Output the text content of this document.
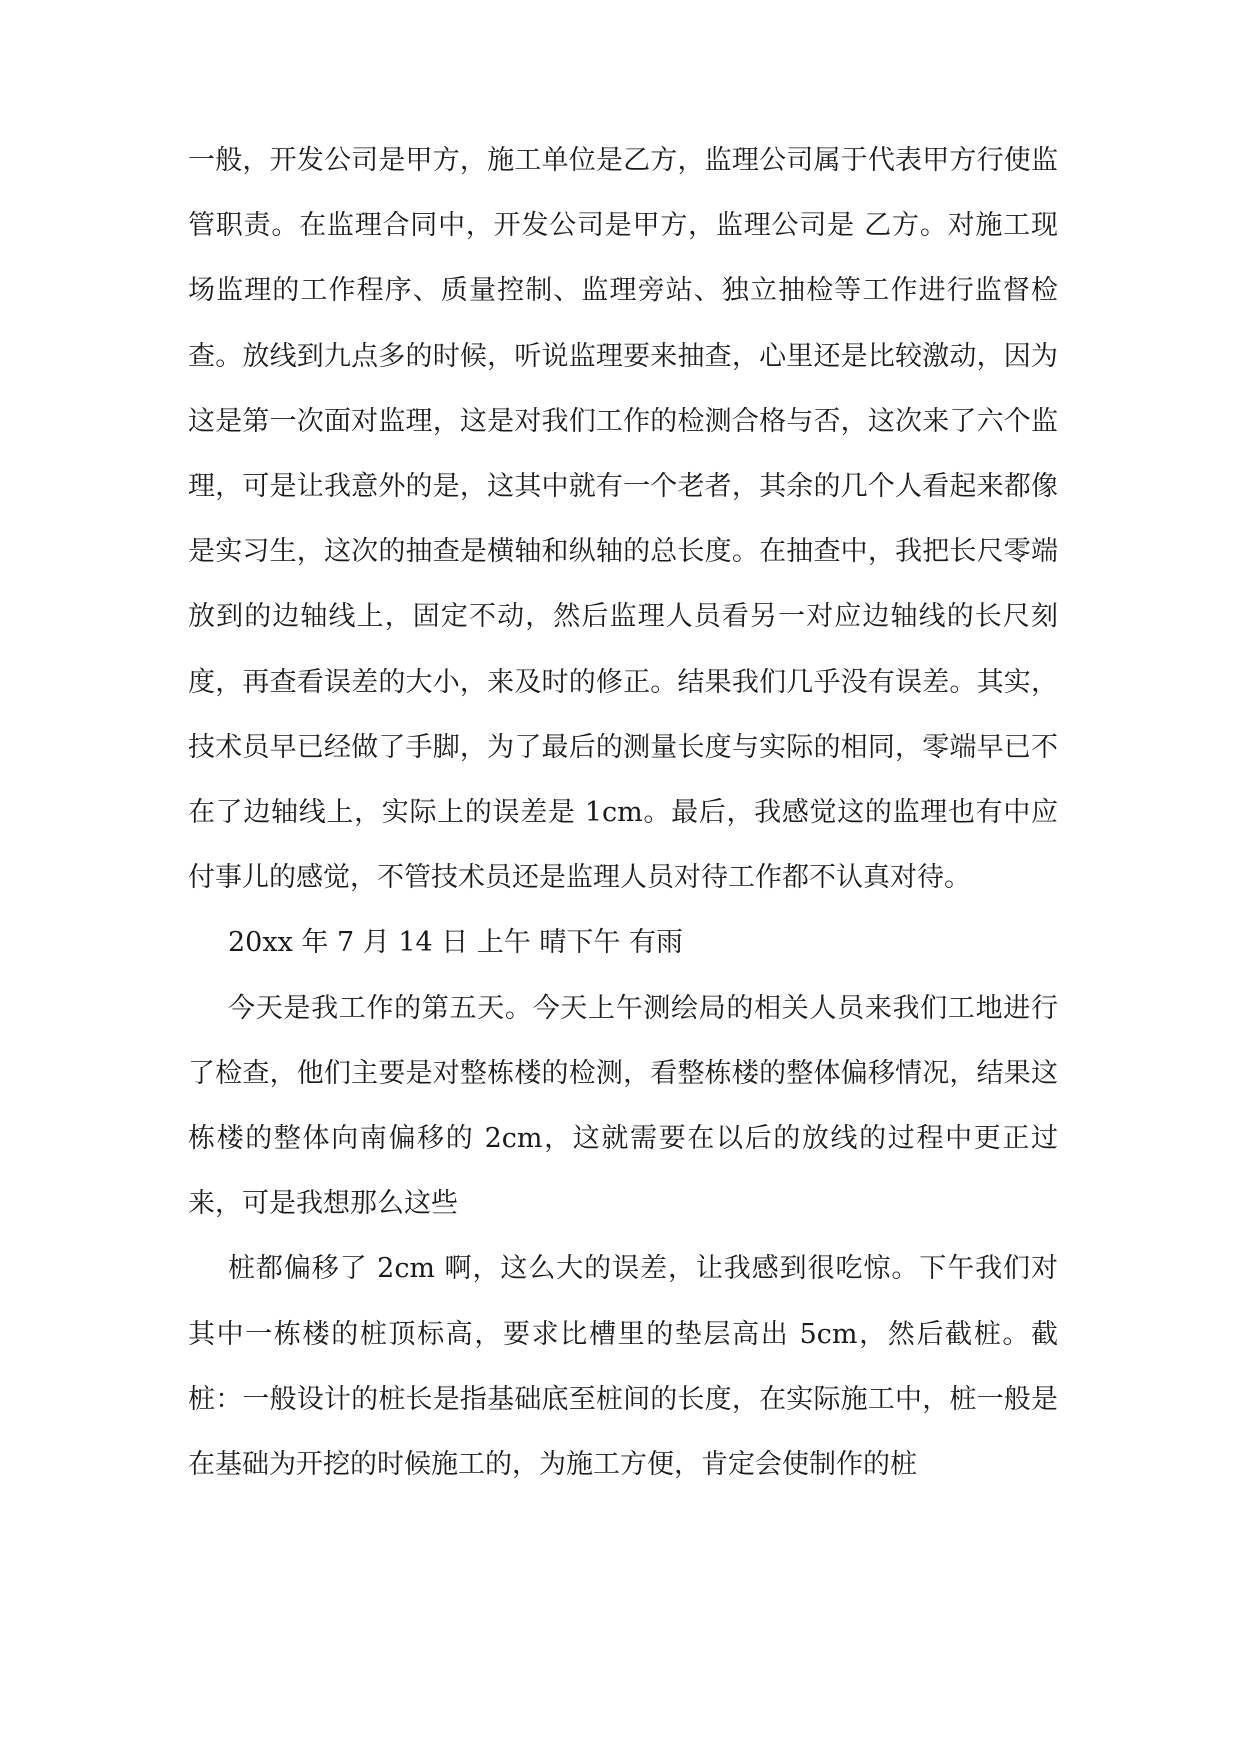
一般，开发公司是甲方，施工单位是乙方，监理公司属于代表甲方行使监管职责。在监理合同中，开发公司是甲方，监理公司是 乙方。对施工现场监理的工作程序、质量控制、监理旁站、独立抽检等工作进行监督检查。放线到九点多的时候，听说监理要来抽查，心里还是比较激动，因为这是第一次面对监理，这是对我们工作的检测合格与否，这次来了六个监理，可是让我意外的是，这其中就有一个老者，其余的几个人看起来都像是实习生，这次的抽查是横轴和纵轴的总长度。在抽查中，我把长尺零端放到的边轴线上，固定不动，然后监理人员看另一对应边轴线的长尺刻度，再查看误差的大小，来及时的修正。结果我们几乎没有误差。其实，技术员早已经做了手脚，为了最后的测量长度与实际的相同，零端早已不在了边轴线上，实际上的误差是 1cm。最后，我感觉这的监理也有中应付事儿的感觉，不管技术员还是监理人员对待工作都不认真对待。

20xx 年 7 月 14 日 上午 晴下午 有雨

今天是我工作的第五天。今天上午测绘局的相关人员来我们工地进行了检查，他们主要是对整栋楼的检测，看整栋楼的整体偏移情况，结果这栋楼的整体向南偏移的 2cm，这就需要在以后的放线的过程中更正过来，可是我想那么这些

桩都偏移了 2cm 啊，这么大的误差，让我感到很吃惊。下午我们对其中一栋楼的桩顶标高，要求比槽里的垫层高出 5cm，然后截桩。截桩：一般设计的桩长是指基础底至桩间的长度，在实际施工中，桩一般是在基础为开挖的时候施工的，为施工方便，肯定会使制作的桩
